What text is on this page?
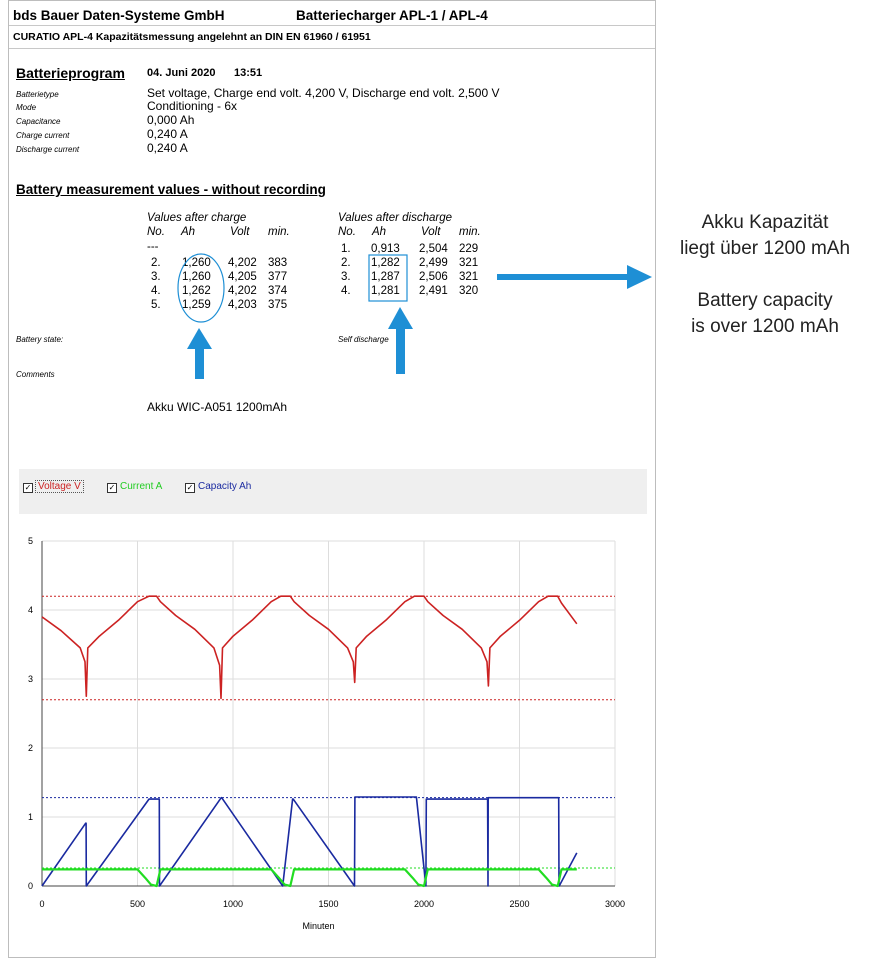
bds Bauer Daten-Systeme GmbH	Batteriecharger APL-1 / APL-4
CURATIO APL-4 Kapazitätsmessung angelehnt an DIN EN 61960 / 61951
Batterieprogram 04. Juni 2020 13:51
Batterietype	Set voltage, Charge end volt. 4,200 V, Discharge end volt. 2,500 V
Mode	Conditioning - 6x
Capacitance	0,000 Ah
Charge current	0,240 A
Discharge current	0,240 A
Battery measurement values - without recording
Values after charge
No. Ah	Volt min.
---
2. 1,260 4,202 383
3. 1,260 4,205 377
4. 1,262 4,202 374
5. 1,259 4,203 375
Values after discharge
No. Ah	Volt min.
1. 0,913 2,504 229
2. 1,282 2,499 321
3. 1,287 2,506 321
4. 1,281 2,491 320
Battery state:	Self discharge
Comments
Akku WIC-A051 1200mAh
✓ Voltage V	✓ Current A	✓ Capacity Ah
0	500	1000	1500	2000	2500	3000
0
1
2
3
4
5
Minuten
Akku Kapazität
liegt über 1200 mAh
Battery capacity
is over 1200 mAh
